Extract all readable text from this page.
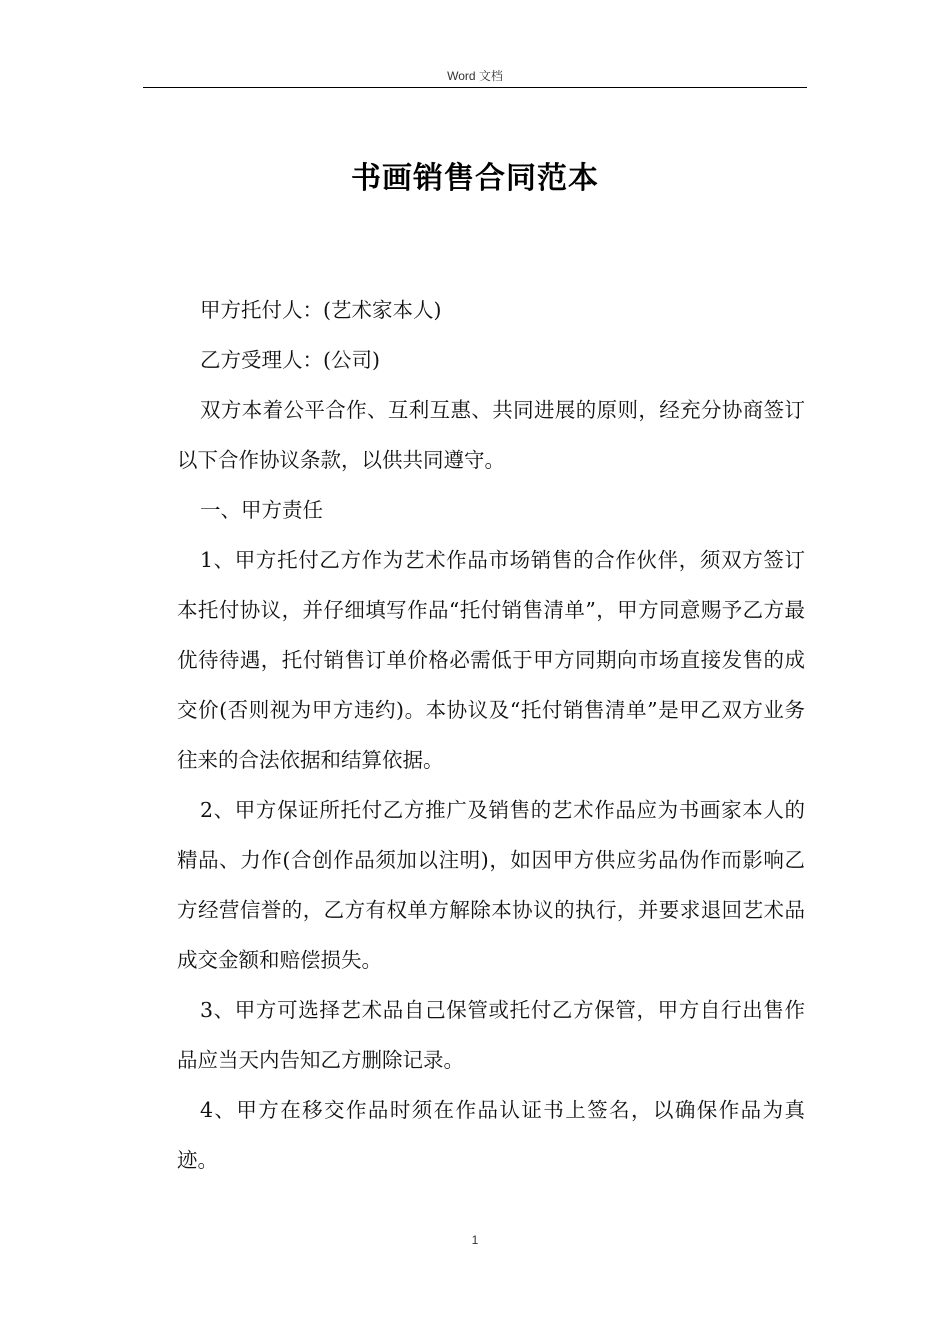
Word 文档
书画销售合同范本

甲方托付人：(艺术家本人)

乙方受理人：(公司)

双方本着公平合作、互利互惠、共同进展的原则，经充分协商签订以下合作协议条款，以供共同遵守。

一、甲方责任

1、甲方托付乙方作为艺术作品市场销售的合作伙伴，须双方签订本托付协议，并仔细填写作品“托付销售清单”，甲方同意赐予乙方最优待待遇，托付销售订单价格必需低于甲方同期向市场直接发售的成交价(否则视为甲方违约)。本协议及“托付销售清单”是甲乙双方业务往来的合法依据和结算依据。

2、甲方保证所托付乙方推广及销售的艺术作品应为书画家本人的精品、力作(合创作品须加以注明)，如因甲方供应劣品伪作而影响乙方经营信誉的，乙方有权单方解除本协议的执行，并要求退回艺术品成交金额和赔偿损失。

3、甲方可选择艺术品自己保管或托付乙方保管，甲方自行出售作品应当天内告知乙方删除记录。

4、甲方在移交作品时须在作品认证书上签名，以确保作品为真迹。

1
